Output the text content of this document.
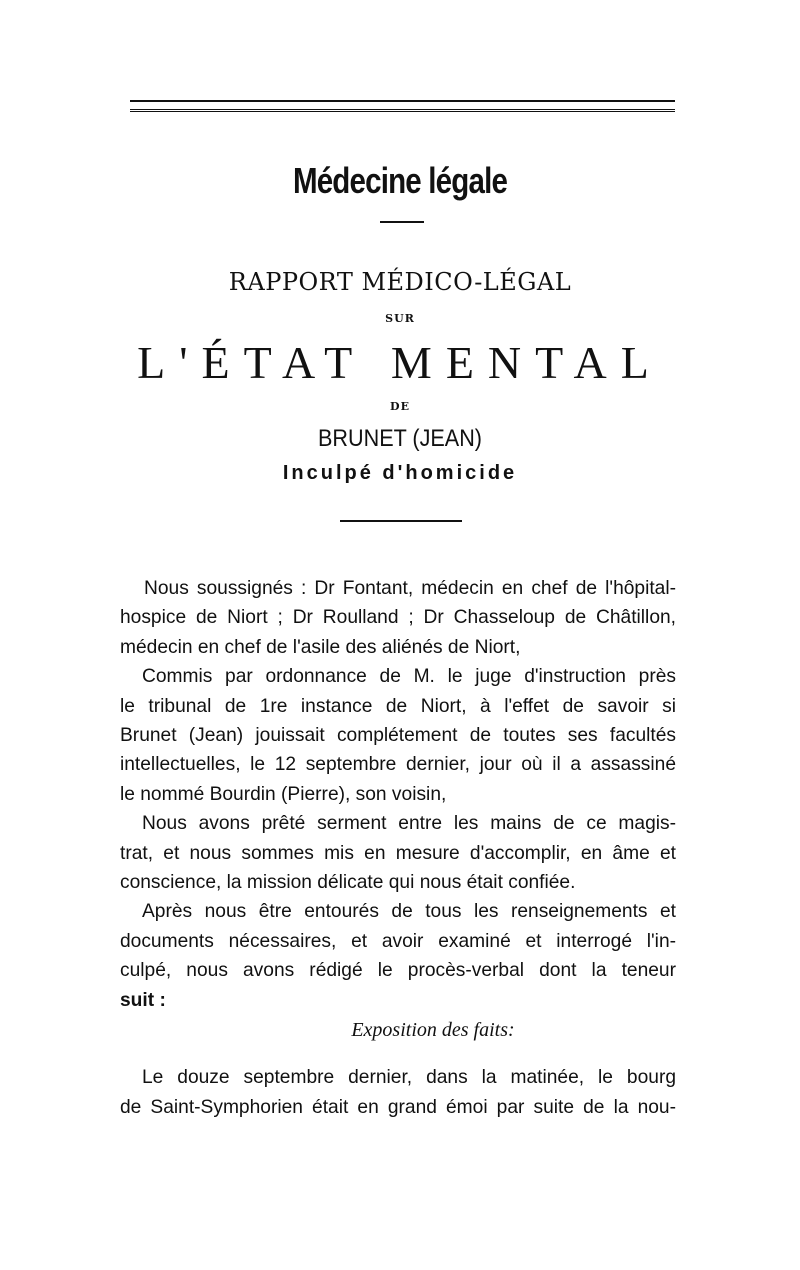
Médecine légale
RAPPORT MÉDICO-LÉGAL
SUR
L'ÉTAT MENTAL
DE
BRUNET (JEAN)
Inculpé d'homicide

Nous soussignés : Dr Fontant, médecin en chef de l'hôpital-
hospice de Niort ; Dr Roulland ; Dr Chasseloup de Châtillon,
médecin en chef de l'asile des aliénés de Niort,

Commis par ordonnance de M. le juge d'instruction près
le tribunal de 1re instance de Niort, à l'effet de savoir si
Brunet (Jean) jouissait complétement de toutes ses facultés
intellectuelles, le 12 septembre dernier, jour où il a assassiné
le nommé Bourdin (Pierre), son voisin,

Nous avons prêté serment entre les mains de ce magis-
trat, et nous sommes mis en mesure d'accomplir, en âme et
conscience, la mission délicate qui nous était confiée.

Après nous être entourés de tous les renseignements et
documents nécessaires, et avoir examiné et interrogé l'in-
culpé, nous avons rédigé le procès-verbal dont la teneur
suit :

Exposition des faits:

Le douze septembre dernier, dans la matinée, le bourg
de Saint-Symphorien était en grand émoi par suite de la nou-
